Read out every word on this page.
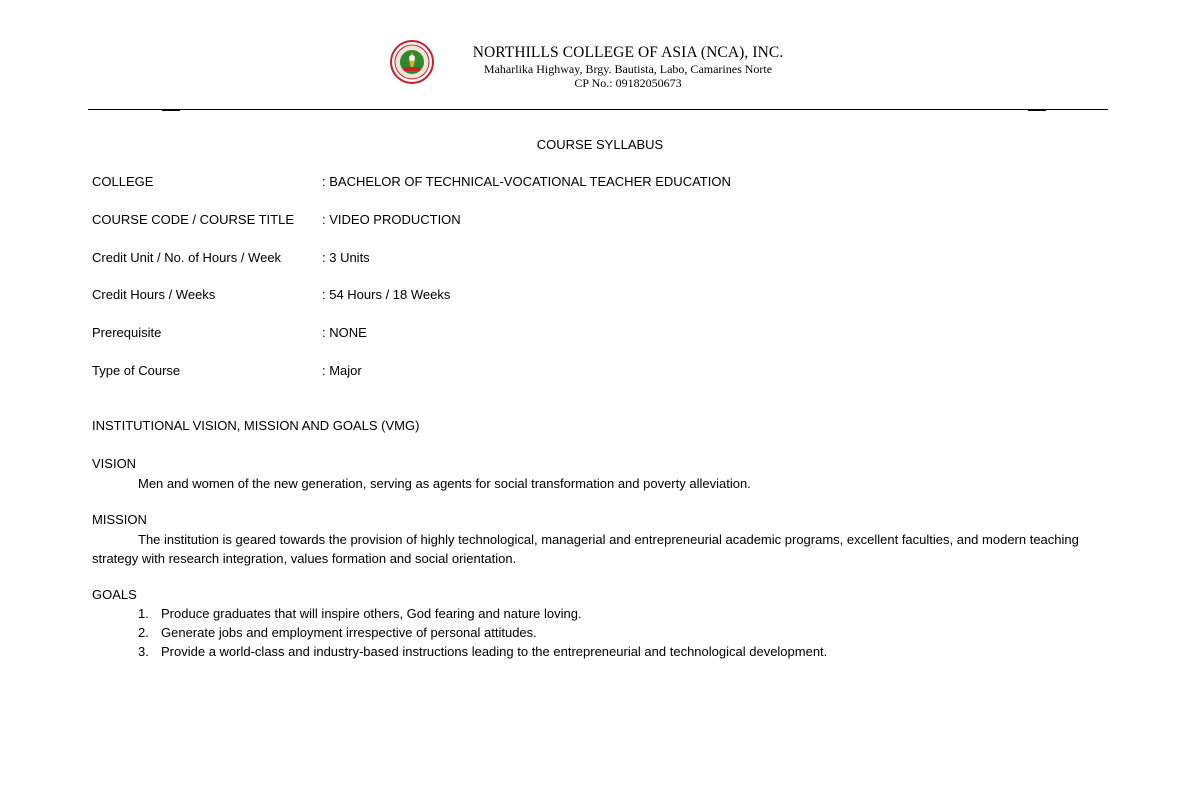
NORTHILLS COLLEGE OF ASIA (NCA), INC.
Maharlika Highway, Brgy. Bautista, Labo, Camarines Norte
CP No.: 09182050673
COURSE SYLLABUS
COLLEGE	: BACHELOR OF TECHNICAL-VOCATIONAL TEACHER EDUCATION
COURSE CODE / COURSE TITLE : VIDEO PRODUCTION
Credit Unit / No. of Hours / Week	: 3 Units
Credit Hours / Weeks	: 54 Hours / 18 Weeks
Prerequisite	: NONE
Type of Course	: Major
INSTITUTIONAL VISION, MISSION AND GOALS (VMG)
VISION
Men and women of the new generation, serving as agents for social transformation and poverty alleviation.
MISSION
The institution is geared towards the provision of highly technological, managerial and entrepreneurial academic programs, excellent faculties, and modern teaching strategy with research integration, values formation and social orientation.
GOALS
1. Produce graduates that will inspire others, God fearing and nature loving.
2. Generate jobs and employment irrespective of personal attitudes.
3. Provide a world-class and industry-based instructions leading to the entrepreneurial and technological development.
